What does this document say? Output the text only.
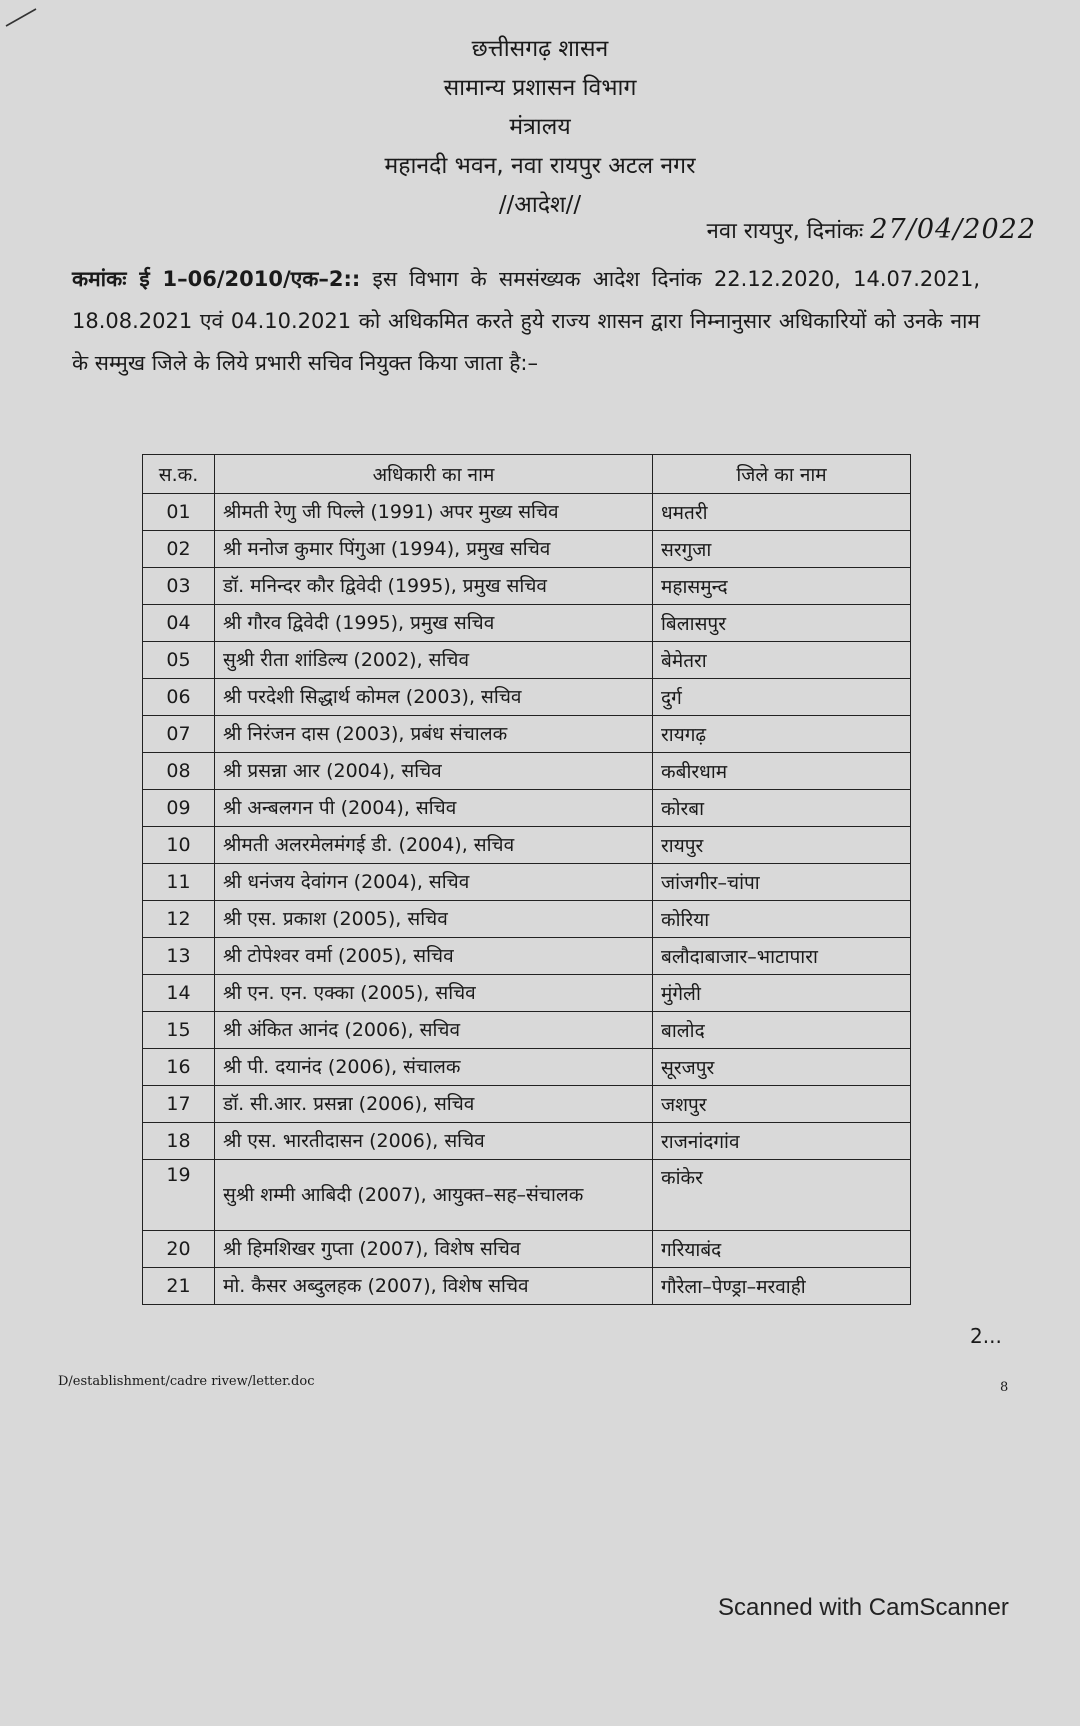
छत्तीसगढ़ शासन
सामान्य प्रशासन विभाग
मंत्रालय
महानदी भवन, नवा रायपुर अटल नगर
//आदेश//
नवा रायपुर, दिनांकः 27/04/2022
कमांकः ई 1–06/2010/एक–2:: इस विभाग के समसंख्यक आदेश दिनांक 22.12.2020, 14.07.2021, 18.08.2021 एवं 04.10.2021 को अधिकमित करते हुये राज्य शासन द्वारा निम्नानुसार अधिकारियों को उनके नाम के सम्मुख जिले के लिये प्रभारी सचिव नियुक्त किया जाता है:–
स.क.	अधिकारी का नाम	जिले का नाम
01	श्रीमती रेणु जी पिल्ले (1991) अपर मुख्य सचिव	धमतरी
02	श्री मनोज कुमार पिंगुआ (1994), प्रमुख सचिव	सरगुजा
03	डॉ. मनिन्दर कौर द्विवेदी (1995), प्रमुख सचिव	महासमुन्द
04	श्री गौरव द्विवेदी (1995), प्रमुख सचिव	बिलासपुर
05	सुश्री रीता शांडिल्य (2002), सचिव	बेमेतरा
06	श्री परदेशी सिद्धार्थ कोमल (2003), सचिव	दुर्ग
07	श्री निरंजन दास (2003), प्रबंध संचालक	रायगढ़
08	श्री प्रसन्ना आर (2004), सचिव	कबीरधाम
09	श्री अन्बलगन पी (2004), सचिव	कोरबा
10	श्रीमती अलरमेलमंगई डी. (2004), सचिव	रायपुर
11	श्री धनंजय देवांगन (2004), सचिव	जांजगीर–चांपा
12	श्री एस. प्रकाश (2005), सचिव	कोरिया
13	श्री टोपेश्वर वर्मा (2005), सचिव	बलौदाबाजार–भाटापारा
14	श्री एन. एन. एक्का (2005), सचिव	मुंगेली
15	श्री अंकित आनंद (2006), सचिव	बालोद
16	श्री पी. दयानंद (2006), संचालक	सूरजपुर
17	डॉ. सी.आर. प्रसन्ना (2006), सचिव	जशपुर
18	श्री एस. भारतीदासन (2006), सचिव	राजनांदगांव
19	सुश्री शम्मी आबिदी (2007), आयुक्त–सह–संचालक	कांकेर
20	श्री हिमशिखर गुप्ता (2007), विशेष सचिव	गरियाबंद
21	मो. कैसर अब्दुलहक (2007), विशेष सचिव	गौरेला–पेण्ड्रा–मरवाही
2...
D/establishment/cadre rivew/letter.doc	8
Scanned with CamScanner
